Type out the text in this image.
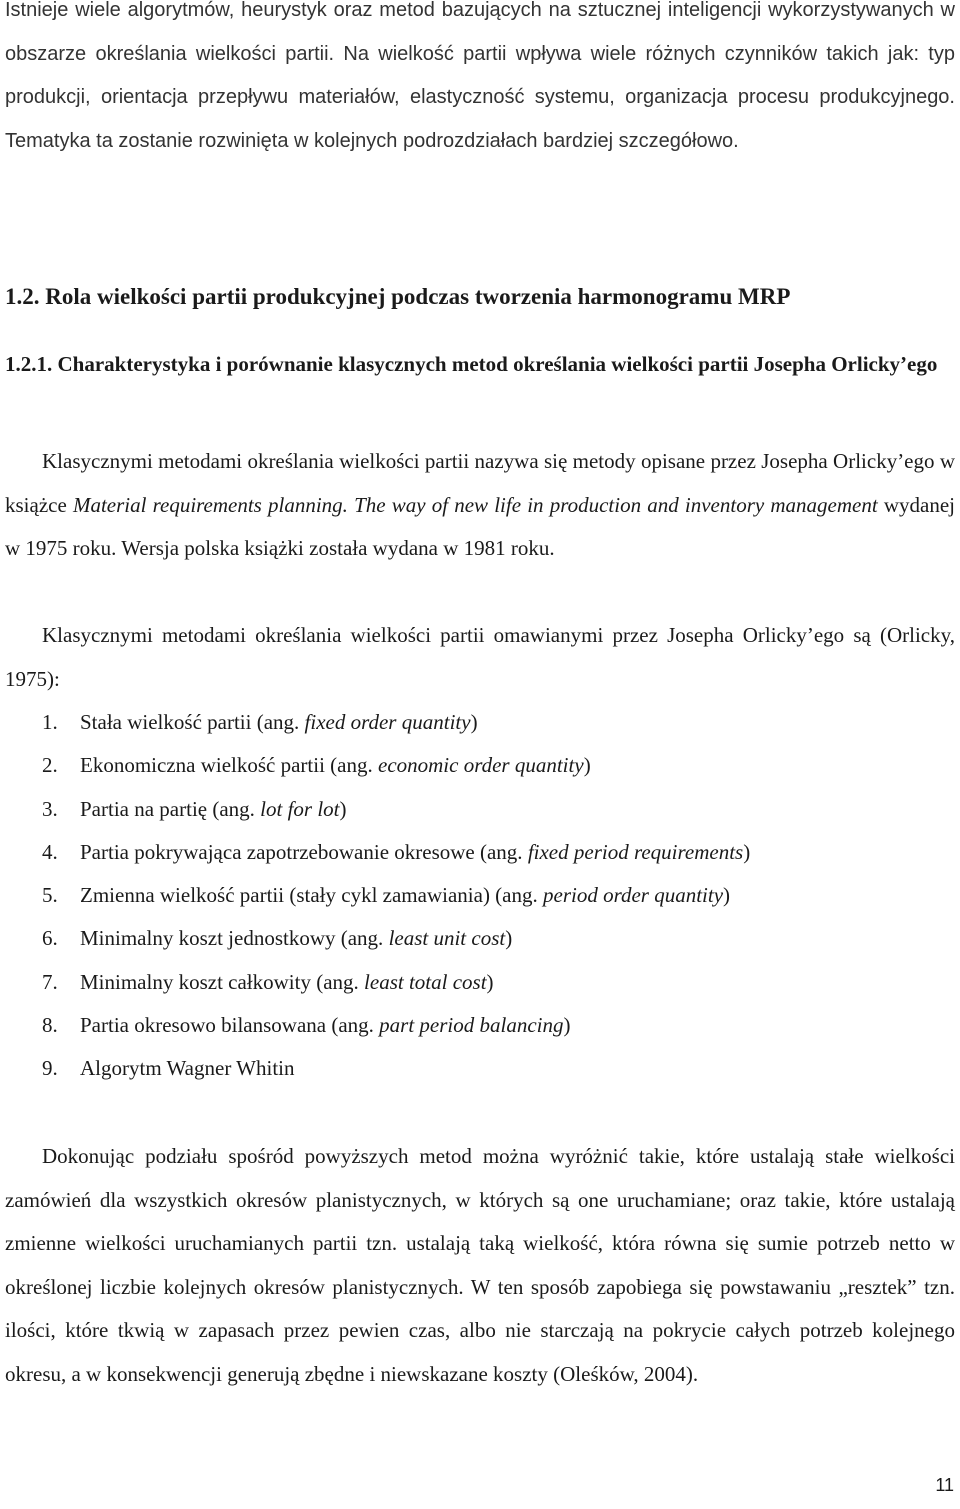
Istnieje wiele algorytmów, heurystyk oraz metod bazujących na sztucznej inteligencji wykorzystywanych w obszarze określania wielkości partii. Na wielkość partii wpływa wiele różnych czynników takich jak: typ produkcji, orientacja przepływu materiałów, elastyczność systemu, organizacja procesu produkcyjnego. Tematyka ta zostanie rozwinięta w kolejnych podrozdziałach bardziej szczegółowo.

1.2. Rola wielkości partii produkcyjnej podczas tworzenia harmonogramu MRP
1.2.1. Charakterystyka i porównanie klasycznych metod określania wielkości partii Josepha Orlicky’ego

Klasycznymi metodami określania wielkości partii nazywa się metody opisane przez Josepha Orlicky’ego w książce Material requirements planning. The way of new life in production and inventory management wydanej w 1975 roku. Wersja polska książki została wydana w 1981 roku.

Klasycznymi metodami określania wielkości partii omawianymi przez Josepha Orlicky’ego są (Orlicky, 1975):

1. Stała wielkość partii (ang. fixed order quantity)
2. Ekonomiczna wielkość partii (ang. economic order quantity)
3. Partia na partię (ang. lot for lot)
4. Partia pokrywająca zapotrzebowanie okresowe (ang. fixed period requirements)
5. Zmienna wielkość partii (stały cykl zamawiania) (ang. period order quantity)
6. Minimalny koszt jednostkowy (ang. least unit cost)
7. Minimalny koszt całkowity (ang. least total cost)
8. Partia okresowo bilansowana (ang. part period balancing)
9. Algorytm Wagner Whitin

Dokonując podziału spośród powyższych metod można wyróżnić takie, które ustalają stałe wielkości zamówień dla wszystkich okresów planistycznych, w których są one uruchamiane; oraz takie, które ustalają zmienne wielkości uruchamianych partii tzn. ustalają taką wielkość, która równa się sumie potrzeb netto w określonej liczbie kolejnych okresów planistycznych. W ten sposób zapobiega się powstawaniu „resztek” tzn. ilości, które tkwią w zapasach przez pewien czas, albo nie starczają na pokrycie całych potrzeb kolejnego okresu, a w konsekwencji generują zbędne i niewskazane koszty (Oleśków, 2004).

11
